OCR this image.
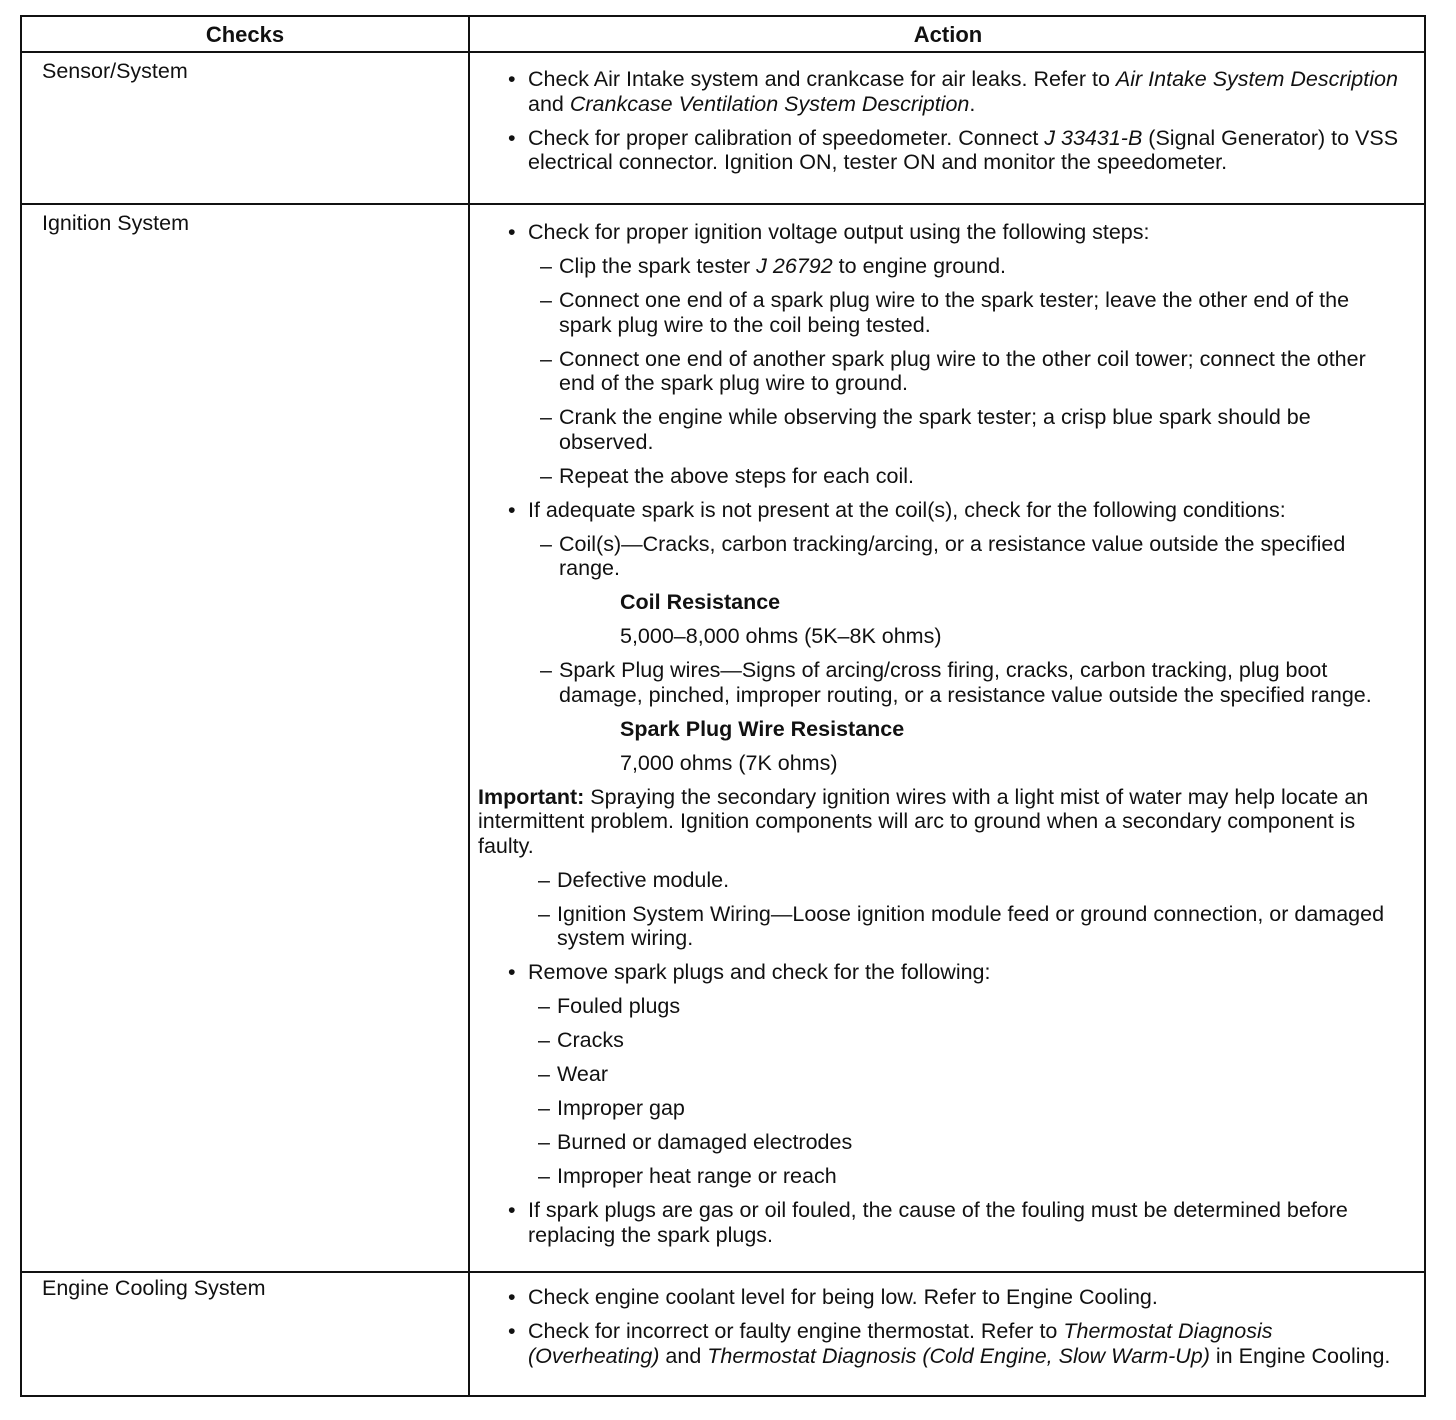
Checks	Action
Sensor/System	• Check Air Intake system and crankcase for air leaks. Refer to Air Intake System Description and Crankcase Ventilation System Description.
• Check for proper calibration of speedometer. Connect J 33431-B (Signal Generator) to VSS electrical connector. Ignition ON, tester ON and monitor the speedometer.
Ignition System	• Check for proper ignition voltage output using the following steps:
– Clip the spark tester J 26792 to engine ground.
– Connect one end of a spark plug wire to the spark tester; leave the other end of the spark plug wire to the coil being tested.
– Connect one end of another spark plug wire to the other coil tower; connect the other end of the spark plug wire to ground.
– Crank the engine while observing the spark tester; a crisp blue spark should be observed.
– Repeat the above steps for each coil.
• If adequate spark is not present at the coil(s), check for the following conditions:
– Coil(s)—Cracks, carbon tracking/arcing, or a resistance value outside the specified range.
Coil Resistance
5,000–8,000 ohms (5K–8K ohms)
– Spark Plug wires—Signs of arcing/cross firing, cracks, carbon tracking, plug boot damage, pinched, improper routing, or a resistance value outside the specified range.
Spark Plug Wire Resistance
7,000 ohms (7K ohms)
Important: Spraying the secondary ignition wires with a light mist of water may help locate an intermittent problem. Ignition components will arc to ground when a secondary component is faulty.
– Defective module.
– Ignition System Wiring—Loose ignition module feed or ground connection, or damaged system wiring.
• Remove spark plugs and check for the following:
– Fouled plugs
– Cracks
– Wear
– Improper gap
– Burned or damaged electrodes
– Improper heat range or reach
• If spark plugs are gas or oil fouled, the cause of the fouling must be determined before replacing the spark plugs.
Engine Cooling System	• Check engine coolant level for being low. Refer to Engine Cooling.
• Check for incorrect or faulty engine thermostat. Refer to Thermostat Diagnosis (Overheating) and Thermostat Diagnosis (Cold Engine, Slow Warm-Up) in Engine Cooling.
